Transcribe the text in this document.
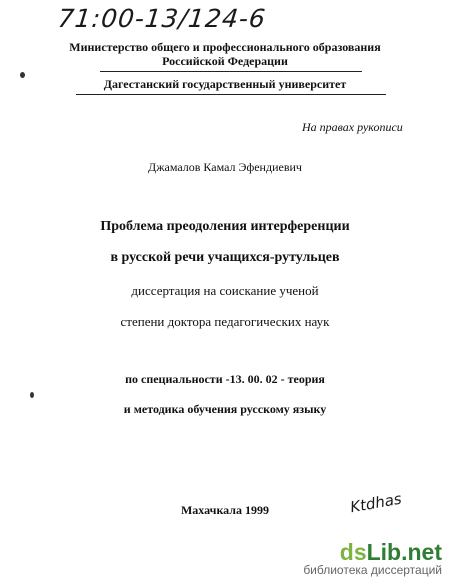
71:00-13/124-6
Министерство общего и профессионального образования
Российской Федерации
Дагестанский государственный университет
На правах рукописи
Джамалов Камал Эфендиевич
Проблема преодоления интерференции
в русской речи учащихся-рутульцев
диссертация на соискание ученой
степени доктора педагогических наук
по специальности -13. 00. 02 - теория
и методика обучения русскому языку
Махачкала 1999	Ktdhas
dsLib.net
библиотека диссертаций
